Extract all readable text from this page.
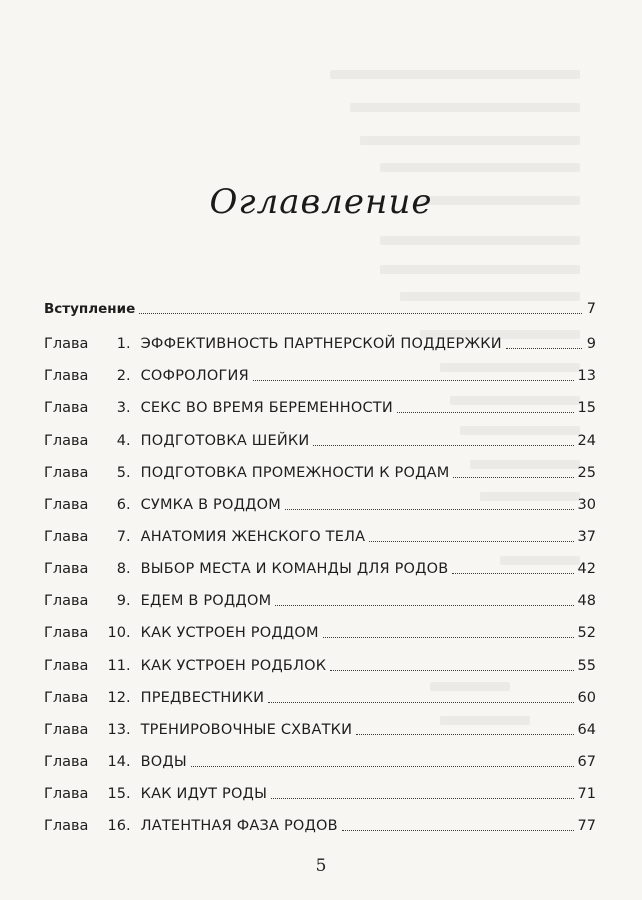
Оглавление
Вступление	7
Глава	1 . ЭФФЕКТИВНОСТЬ ПАРТНЕРСКОЙ ПОДДЕРЖКИ	9
Глава	2 . СОФРОЛОГИЯ	13
Глава	3 . СЕКС ВО ВРЕМЯ БЕРЕМЕННОСТИ	15
Глава	4 . ПОДГОТОВКА ШЕЙКИ	24
Глава	5 . ПОДГОТОВКА ПРОМЕЖНОСТИ К РОДАМ	25
Глава	6 . СУМКА В РОДДОМ	30
Глава	7 . АНАТОМИЯ ЖЕНСКОГО ТЕЛА	37
Глава	8 . ВЫБОР МЕСТА И КОМАНДЫ ДЛЯ РОДОВ	42
Глава	9 . ЕДЕМ В РОДДОМ	48
Глава	10 . КАК УСТРОЕН РОДДОМ	52
Глава	11 . КАК УСТРОЕН РОДБЛОК	55
Глава	12 . ПРЕДВЕСТНИКИ	60
Глава	13 . ТРЕНИРОВОЧНЫЕ СХВАТКИ	64
Глава	14 . ВОДЫ	67
Глава	15 . КАК ИДУТ РОДЫ	71
Глава	16 . ЛАТЕНТНАЯ ФАЗА РОДОВ	77
5
